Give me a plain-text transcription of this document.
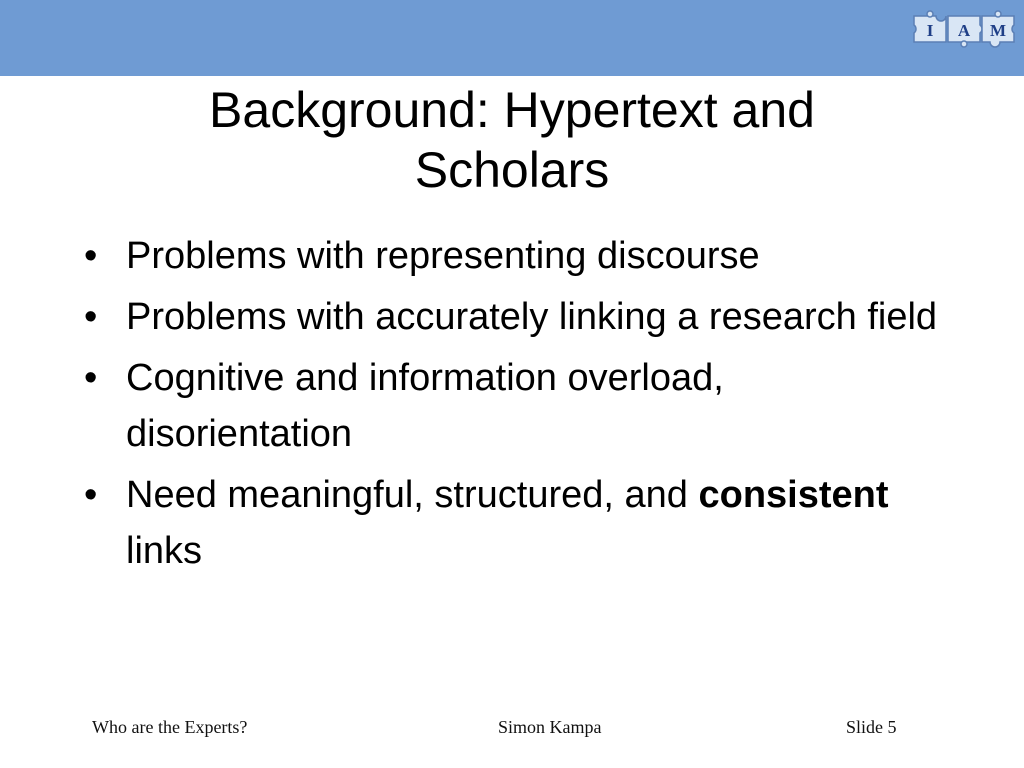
I A M
Background: Hypertext and
Scholars
• Problems with representing discourse
• Problems with accurately linking a research field
• Cognitive and information overload, disorientation
• Need meaningful, structured, and consistent links
Who are the Experts?	Simon Kampa	Slide 5
